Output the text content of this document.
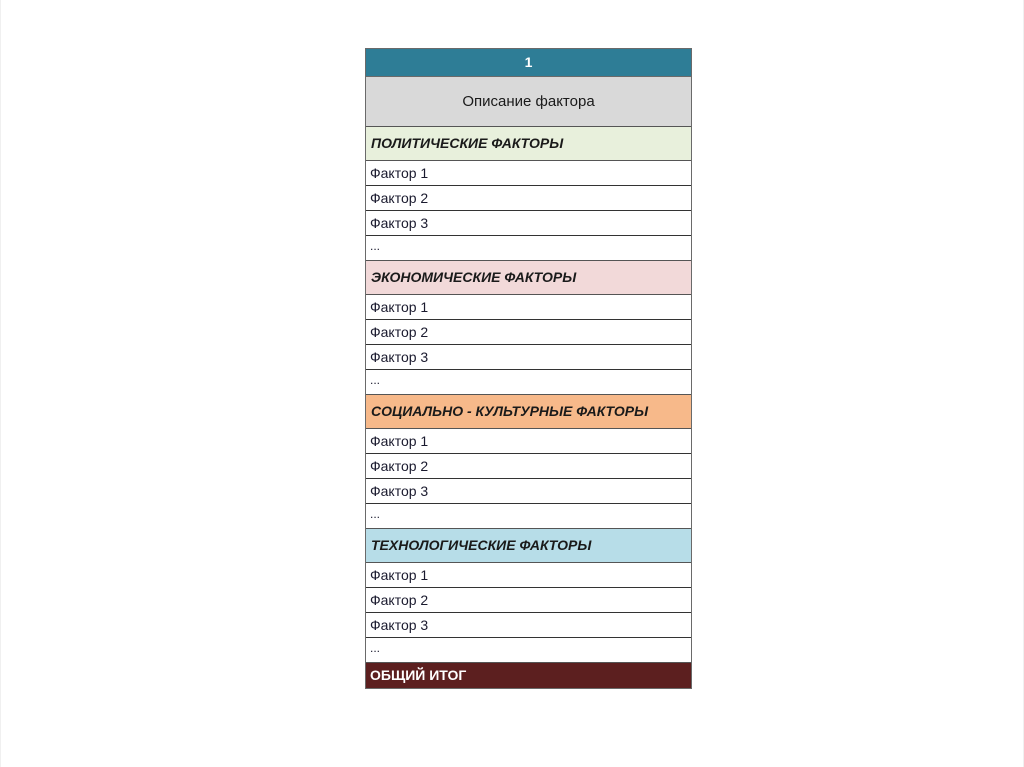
1
Описание фактора
ПОЛИТИЧЕСКИЕ ФАКТОРЫ
Фактор 1
Фактор 2
Фактор 3
...
ЭКОНОМИЧЕСКИЕ ФАКТОРЫ
Фактор 1
Фактор 2
Фактор 3
...
СОЦИАЛЬНО - КУЛЬТУРНЫЕ ФАКТОРЫ
Фактор 1
Фактор 2
Фактор 3
...
ТЕХНОЛОГИЧЕСКИЕ ФАКТОРЫ
Фактор 1
Фактор 2
Фактор 3
...
ОБЩИЙ ИТОГ
